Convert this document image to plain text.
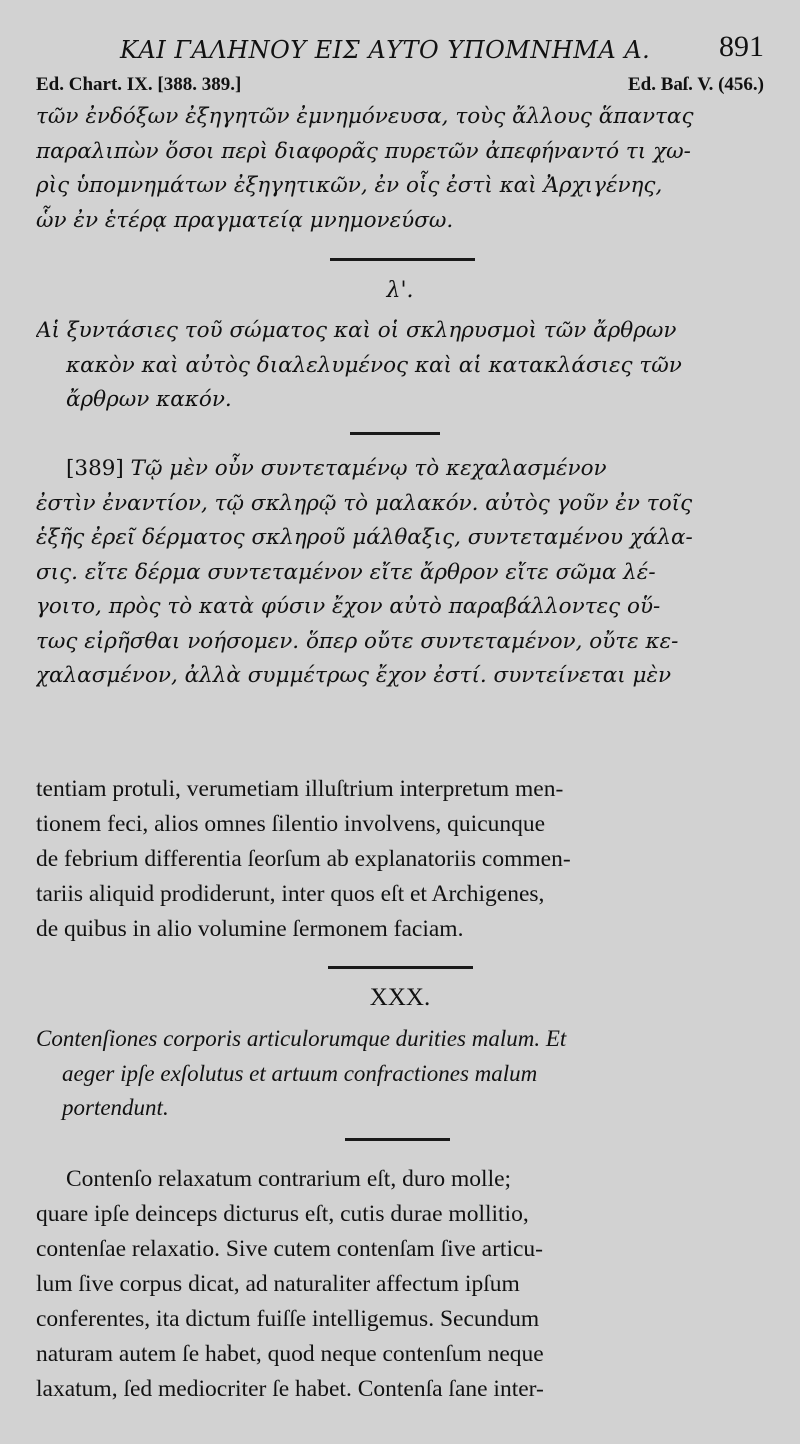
ΚΑΙ ΓΑΛΗΝΟΥ ΕΙΣ ΑΥΤΟ ΥΠΟΜΝΗΜΑ Α. 891
Ed. Chart. IX. [388. 389.]	Ed. Baſ. V. (456.)
τῶν ἐνδόξων ἐξηγητῶν ἐμνημόνευσα, τοὺς ἄλλους ἅπαντας
παραλιπὼν ὅσοι περὶ διαφορᾶς πυρετῶν ἀπεφήναντό τι χω-
ρὶς ὑπομνημάτων ἐξηγητικῶν, ἐν οἷς ἐστὶ καὶ Ἀρχιγένης,
ὧν ἐν ἑτέρᾳ πραγματείᾳ μνημονεύσω.
λ'.
Αἱ ξυντάσιες τοῦ σώματος καὶ οἱ σκληρυσμοὶ τῶν ἄρθρων
κακὸν καὶ αὐτὸς διαλελυμένος καὶ αἱ κατακλάσιες τῶν
ἄρθρων κακόν.
[389] Τῷ μὲν οὖν συντεταμένῳ τὸ κεχαλασμένον
ἐστὶν ἐναντίον, τῷ σκληρῷ τὸ μαλακόν. αὐτὸς γοῦν ἐν τοῖς
ἑξῆς ἐρεῖ δέρματος σκληροῦ μάλθαξις, συντεταμένου χάλα-
σις. εἴτε δέρμα συντεταμένον εἴτε ἄρθρον εἴτε σῶμα λέ-
γοιτο, πρὸς τὸ κατὰ φύσιν ἔχον αὐτὸ παραβάλλοντες οὕ-
τως εἰρῆσθαι νοήσομεν. ὅπερ οὔτε συντεταμένον, οὔτε κε-
χαλασμένον, ἀλλὰ συμμέτρως ἔχον ἐστί. συντείνεται μὲν
tentiam protuli, verumetiam illuſtrium interpretum men-
tionem feci, alios omnes ſilentio involvens, quicunque
de febrium differentia ſeorſum ab explanatoriis commen-
tariis aliquid prodiderunt, inter quos eſt et Archigenes,
de quibus in alio volumine ſermonem faciam.
XXX.
Contenſiones corporis articulorumque durities malum. Et
aeger ipſe exſolutus et artuum confractiones malum
portendunt.
Contenſo relaxatum contrarium eſt, duro molle;
quare ipſe deinceps dicturus eſt, cutis durae mollitio,
contenſae relaxatio. Sive cutem contenſam ſive articu-
lum ſive corpus dicat, ad naturaliter affectum ipſum
conferentes, ita dictum fuiſſe intelligemus. Secundum
naturam autem ſe habet, quod neque contenſum neque
laxatum, ſed mediocriter ſe habet. Contenſa ſane inter-
